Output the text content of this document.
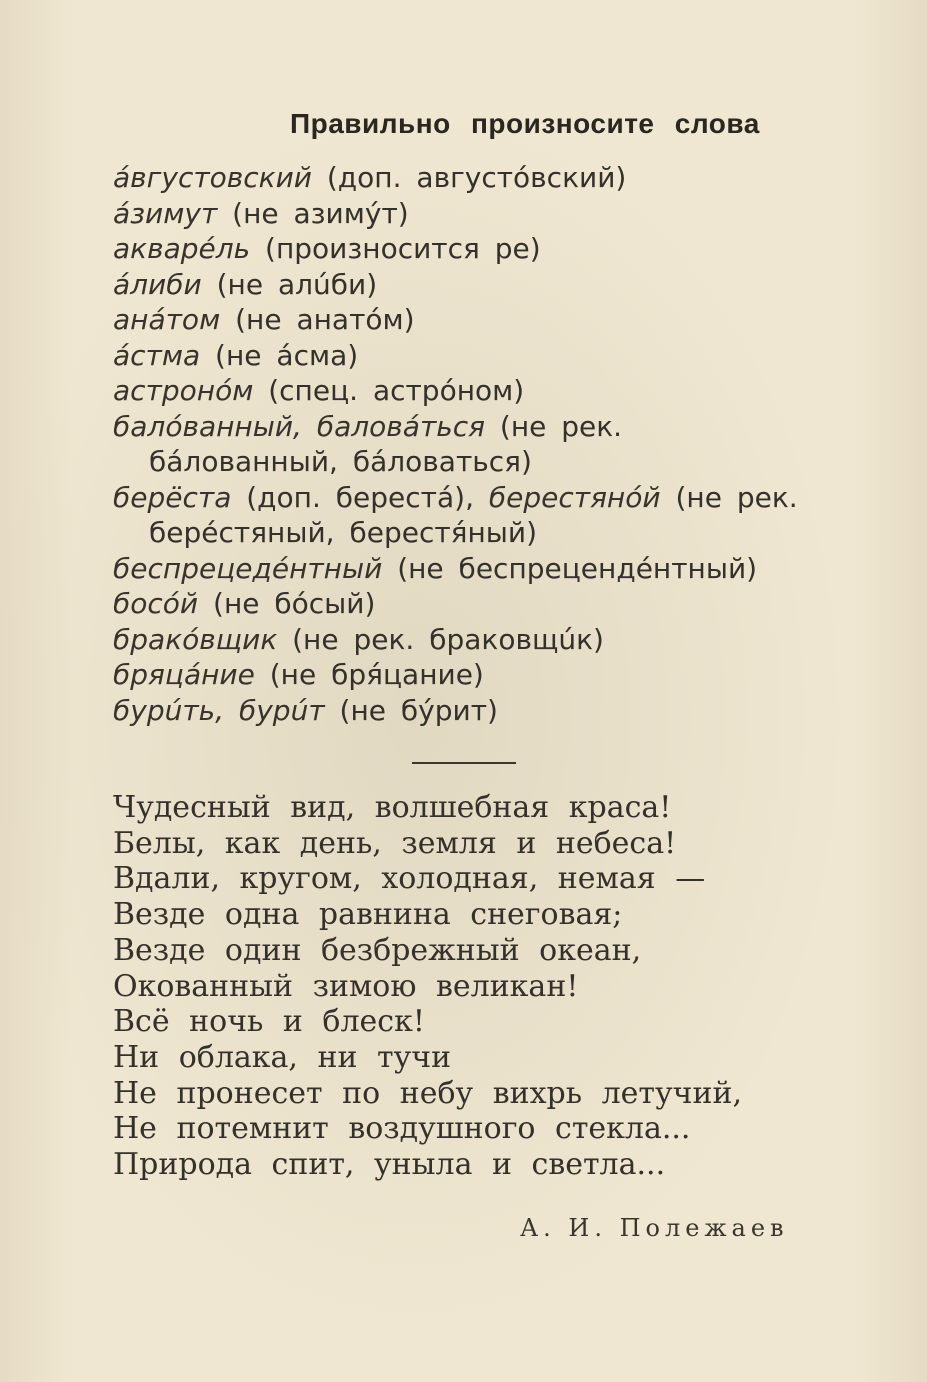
Правильно произносите слова
áвгустовский (доп. августóвский)
áзимут (не азимýт)
акварéль (произносится ре)
áлиби (не алúби)
анáтом (не анатóм)
áстма (не áсма)
астронóм (спец. астрóном)
балóванный, баловáться (не рек. бáлованный, бáловаться)
берёста (доп. берестá), берестянóй (не рек. берéстяный, берестя́ный)
беспрецедéнтный (не беспрецендéнтный)
босóй (не бóсый)
бракóвщик (не рек. браковщúк)
бряцáние (не бря́цание)
бурúть, бурúт (не бýрит)
Чудесный вид, волшебная краса!
Белы, как день, земля и небеса!
Вдали, кругом, холодная, немая —
Везде одна равнина снеговая;
Везде один безбрежный океан,
Окованный зимою великан!
Всё ночь и блеск!
Ни облака, ни тучи
Не пронесет по небу вихрь летучий,
Не потемнит воздушного стекла...
Природа спит, уныла и светла...
А. И. Полежаев
